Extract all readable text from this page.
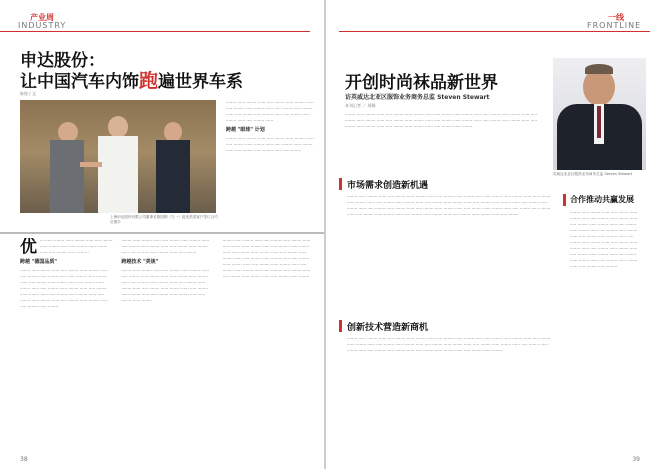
产业周
INDUSTRY
申达股份：
让中国汽车内饰跑遍世界车系
陈悦 / 文
上海申达股份有限公司董事长陈国钢（左一）接受美国客户签订合约后握手
优 ··· ······ ········ ······ ········ ······ ····· ········ ······ ········ ······ ····· ········ ······ ········ ······ ····· ········ ······ ········ ·
跨越 "德国品质"
········ ······ ········ ······ ····· ········ ······ ········ ······ ····· ········ ······ ········ ······ ····· ········ ······ ········ ······ ····· ········ ······ ········ ······ ····· ········ ······ ········ ······ ····· ········ ······ ········ ······ ····· ········ ······ ········ ······ ····· ········ ······ ········ ······ ····· ········ ······ ········ ······ ····· ········ ······ ········ ······ ····· ········ ······ ········
········ ······ ········ ······ ····· ········ ······ ········ ······ ····· ········ ······ ········ ······ ····· ········ ······ ········ ······ ····· ········ ······ ········ ······ ····· ········
跨越技术 "美谈"
········ ······ ········ ······ ····· ········ ······ ········ ······ ····· ········ ······ ········ ······ ····· ········ ······ ········ ······ ····· ········ ······ ········ ······ ····· ········ ······ ········ ······ ····· ········ ······ ········ ······ ····· ········ ······ ········ ······ ····· ········ ······ ········ ······ ····· ········ ······ ········
········ ······ ········ ······ ····· ········ ······ ········ ······ ····· ········ ······ ········ ······ ····· ········ ······ ········ ······ ····· ········ ······ ········ ······ ····· ········ ······ ········ ······ ····· ········ ······ ········ ······ ····· ········ ······ ········ ······ ····· ········ ······ ········ ······ ····· ········ ······ ········ ······ ····· ········ ······ ········ ······ ····· ········ ······ ········ ······ ····· ········ ······ ········
········ ······ ········ ······ ····· ········ ······ ········ ······ ····· ········ ······ ········ ······ ····· ········ ······ ········ ······ ····· ········ ······ ········ ······ ····· ········ ······ ········ ······ ····· ········ ······
跨越 "眼球" 计划
········ ······ ········ ······ ····· ········ ······ ········ ······ ····· ········ ······ ········ ······ ····· ········ ······ ········ ······ ····· ········ ······ ········ ······ ····· ········
38
一线
FRONTLINE
开创时尚袜品新世界
访英威达北亚区服饰业务商务总监 Steven Stewart
本刊记者 ／ 周颖
英威达北亚区服饰业务商务总监 Steven Stewart
········ ······ ········ ······ ····· ········ ······ ········ ······ ····· ········ ······ ········ ······ ····· ········ ······ ········ ······ ····· ········ ······ ········ ······ ····· ········ ······ ········ ······ ····· ········ ······ ········ ······ ····· ········ ······ ········ ······ ····· ········ ······ ········ ······ ····· ········ ······ ········ ······ ····· ········ ······ ········
市场需求创造新机遇
········ ······ ········ ······ ····· ········ ······ ········ ······ ····· ········ ······ ········ ······ ····· ········ ······ ········ ······ ····· ········ ······ ········ ······ ····· ········ ······ ········ ······ ····· ········ ······ ········ ······ ····· ········ ······ ········ ······ ····· ········ ······ ········ ······ ····· ········ ······ ········ ······ ····· ········ ······ ········ ······ ····· ········ ······ ········ ······ ····· ········ ······ ········ ······ ····· ········ ······ ········ ······ ····· ········ ······ ········ ······ ····· ········ ······ ········ ······ ····· ········
合作推动共赢发展
········ ······ ········ ······ ····· ········ ······ ········ ······ ····· ········ ······ ········ ······ ····· ········ ······ ········ ······ ····· ········ ······ ········ ······ ····· ········ ······ ········ ······ ····· ········ ······ ········ ······ ····· ········ ······ ········ ······ ····· ········ ······ ········ ······ ····· ········ ······ ········ ······ ····· ········ ······ ········ ······ ····· ········ ······ ········ ······ ····· ········ ······ ········ ······ ····· ········ ······ ········
创新技术营造新商机
········ ······ ········ ······ ····· ········ ······ ········ ······ ····· ········ ······ ········ ······ ····· ········ ······ ········ ······ ····· ········ ······ ········ ······ ····· ········ ······ ········ ······ ····· ········ ······ ········ ······ ····· ········ ······ ········ ······ ····· ········ ······ ········ ······ ····· ········ ······ ········ ······ ····· ········ ······ ········ ······ ····· ········ ······ ········
39
